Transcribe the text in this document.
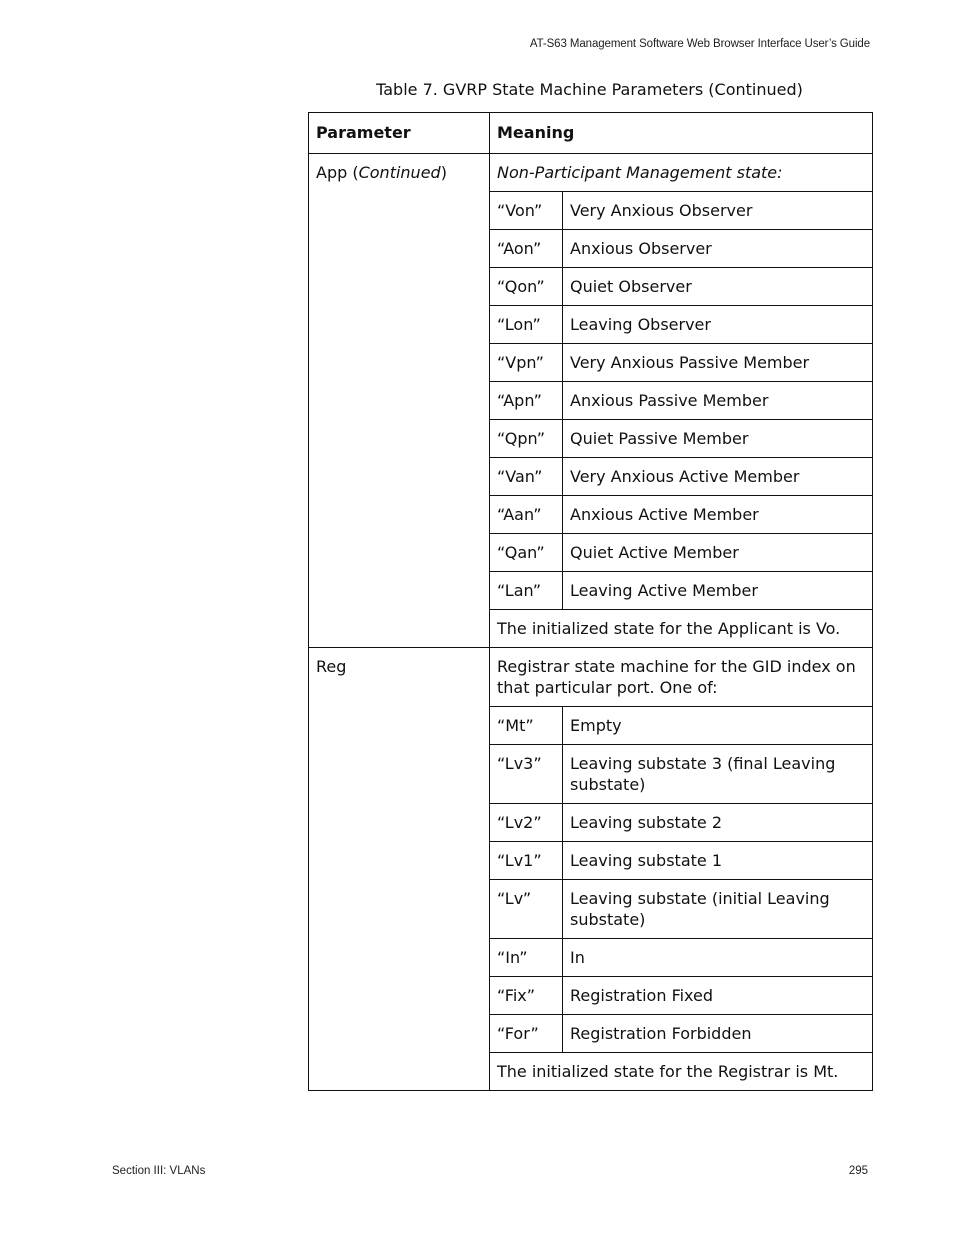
AT-S63 Management Software Web Browser Interface User’s Guide
Table 7. GVRP State Machine Parameters (Continued)
Parameter	Meaning	
App (Continued)	Non-Participant Management state:	
	“Von”	Very Anxious Observer
	“Aon”	Anxious Observer
	“Qon”	Quiet Observer
	“Lon”	Leaving Observer
	“Vpn”	Very Anxious Passive Member
	“Apn”	Anxious Passive Member
	“Qpn”	Quiet Passive Member
	“Van”	Very Anxious Active Member
	“Aan”	Anxious Active Member
	“Qan”	Quiet Active Member
	“Lan”	Leaving Active Member
	The initialized state for the Applicant is Vo.	
Reg	Registrar state machine for the GID index on that particular port. One of:	
	“Mt”	Empty
	“Lv3”	Leaving substate 3 (final Leaving substate)
	“Lv2”	Leaving substate 2
	“Lv1”	Leaving substate 1
	“Lv”	Leaving substate (initial Leaving substate)
	“In”	In
	“Fix”	Registration Fixed
	“For”	Registration Forbidden
	The initialized state for the Registrar is Mt.	
Section III: VLANs	295
